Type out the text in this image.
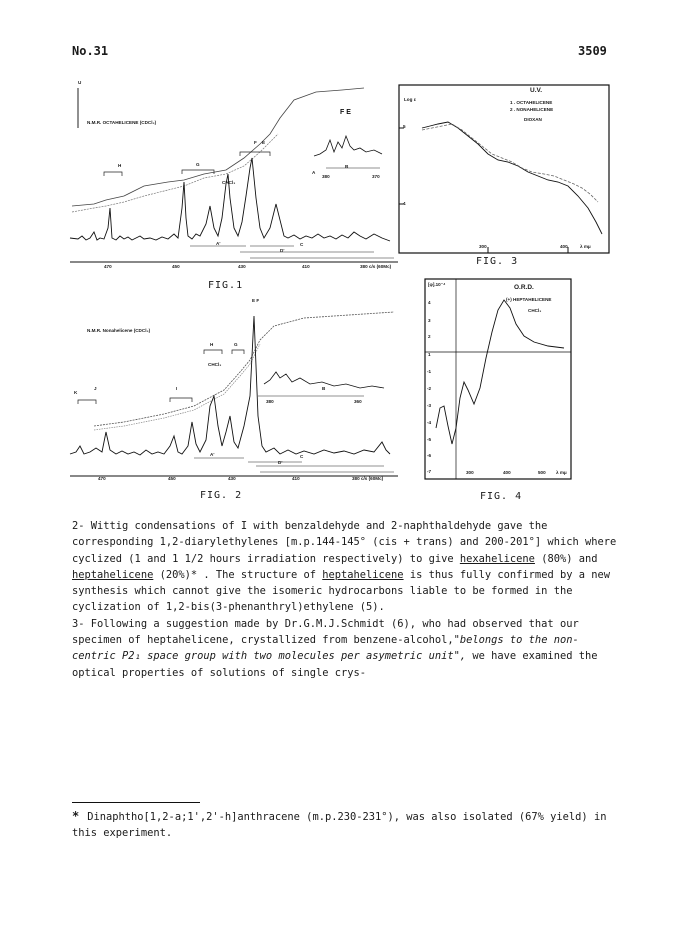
No.31	3509
F E
N.M.R. OCTAHELICENE (CDCl₃)
U
H	G
F E
A
CHCl₃
A'
D'
C
B
380	370
470	450	430	410	380 c/s (60Mc)
FIG.1
U.V.
1 . OCTAHELICENE
2 . NONAHELICENE
DIOXAN
Log ε
5
4
300	400	λ mμ
FIG. 3
N.M.R. Nonahelicene (CDCl₃)
K
J	I
H	G
E F
CHCl₃
A'
D'
C
B
380	360
470	450	430	410	380 c/s (60Mc)
FIG. 2
O.R.D.
(+) HEPTAHELICENE
CHCl₃
[φ].10⁻⁴
4
3
2
1
-1
-2
-3
-4
-5
-6
-7	300	400	500 λ mμ
FIG. 4

2- Wittig condensations of I with benzaldehyde and 2-naphthaldehyde gave the corresponding 1,2-diarylethylenes [m.p.144-145° (cis + trans) and 200-201°] which where cyclized (1 and 1 1/2 hours irradiation respectively) to give hexahelicene (80%) and heptahelicene (20%)* . The structure of heptahelicene is thus fully confirmed by a new synthesis which cannot give the isomeric hydrocarbons liable to be formed in the cyclization of 1,2-bis(3-phenanthryl)ethylene (5).

3- Following a suggestion made by Dr.G.M.J.Schmidt (6), who had observed that our specimen of heptahelicene, crystallized from benzene-alcohol,"belongs to the non-centric P2₁ space group with two molecules per asymetric unit", we have examined the optical properties of solutions of single crys-

* Dinaphtho[1,2-a;1',2'-h]anthracene (m.p.230-231°), was also isolated (67% yield) in this experiment.
